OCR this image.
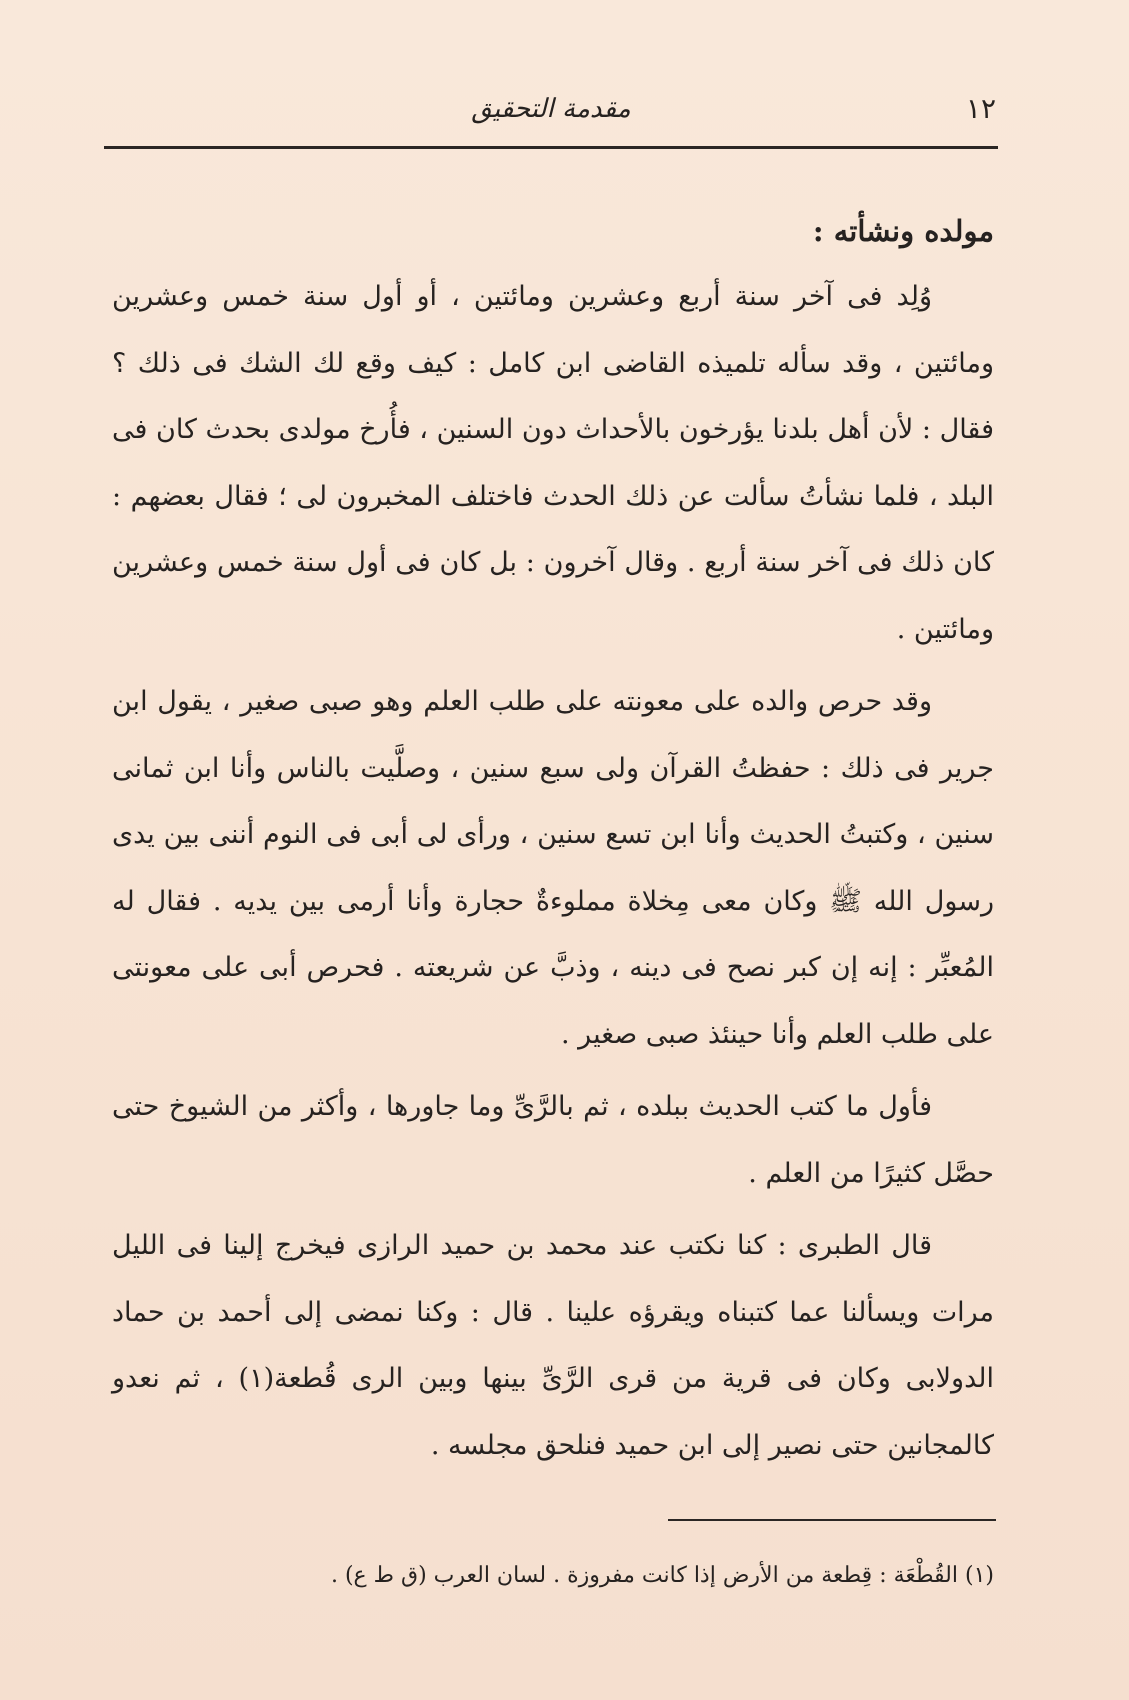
١٢
مقدمة التحقيق
مولده ونشأته :

وُلِد فى آخر سنة أربع وعشرين ومائتين ، أو أول سنة خمس وعشرين ومائتين ، وقد سأله تلميذه القاضى ابن كامل : كيف وقع لك الشك فى ذلك ؟ فقال : لأن أهل بلدنا يؤرخون بالأحداث دون السنين ، فأُرخ مولدى بحدث كان فى البلد ، فلما نشأتُ سألت عن ذلك الحدث فاختلف المخبرون لى ؛ فقال بعضهم : كان ذلك فى آخر سنة أربع . وقال آخرون : بل كان فى أول سنة خمس وعشرين ومائتين .

وقد حرص والده على معونته على طلب العلم وهو صبى صغير ، يقول ابن جرير فى ذلك : حفظتُ القرآن ولى سبع سنين ، وصلَّيت بالناس وأنا ابن ثمانى سنين ، وكتبتُ الحديث وأنا ابن تسع سنين ، ورأى لى أبى فى النوم أننى بين يدى رسول الله ﷺ وكان معى مِخلاة مملوءةٌ حجارة وأنا أرمى بين يديه . فقال له المُعبِّر : إنه إن كبر نصح فى دينه ، وذبَّ عن شريعته . فحرص أبى على معونتى على طلب العلم وأنا حينئذ صبى صغير .

فأول ما كتب الحديث ببلده ، ثم بالرَّىِّ وما جاورها ، وأكثر من الشيوخ حتى حصَّل كثيرًا من العلم .

قال الطبرى : كنا نكتب عند محمد بن حميد الرازى فيخرج إلينا فى الليل مرات ويسألنا عما كتبناه ويقرؤه علينا . قال : وكنا نمضى إلى أحمد بن حماد الدولابى وكان فى قرية من قرى الرَّىِّ بينها وبين الرى قُطعة(١) ، ثم نعدو كالمجانين حتى نصير إلى ابن حميد فنلحق مجلسه .

(١) القُطْعَة : قِطعة من الأرض إذا كانت مفروزة . لسان العرب (ق ط ع) .
